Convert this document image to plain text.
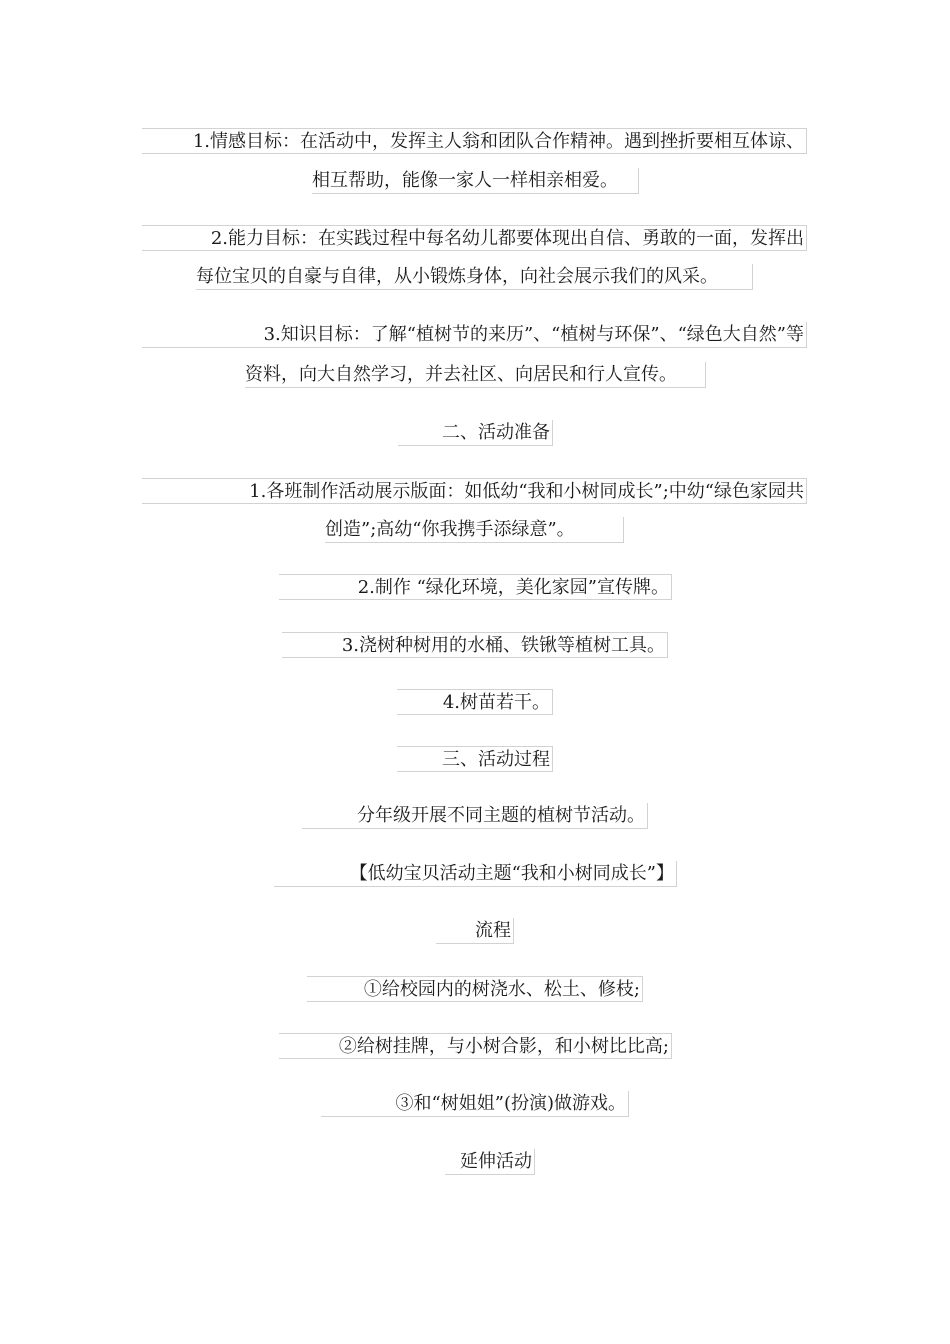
1.情感目标：在活动中，发挥主人翁和团队合作精神。遇到挫折要相互体谅、
相互帮助，能像一家人一样相亲相爱。
2.能力目标：在实践过程中每名幼儿都要体现出自信、勇敢的一面，发挥出
每位宝贝的自豪与自律，从小锻炼身体，向社会展示我们的风采。
3.知识目标：了解“植树节的来历”、“植树与环保”、“绿色大自然”等
资料，向大自然学习，并去社区、向居民和行人宣传。
二、活动准备
1.各班制作活动展示版面：如低幼“我和小树同成长”;中幼“绿色家园共
创造”;高幼“你我携手添绿意”。
2.制作 “绿化环境，美化家园”宣传牌。
3.浇树种树用的水桶、铁锹等植树工具。
4.树苗若干。
三、活动过程
分年级开展不同主题的植树节活动。
【低幼宝贝活动主题“我和小树同成长”】
流程
①给校园内的树浇水、松土、修枝;
②给树挂牌，与小树合影，和小树比比高;
③和“树姐姐”(扮演)做游戏。
延伸活动
